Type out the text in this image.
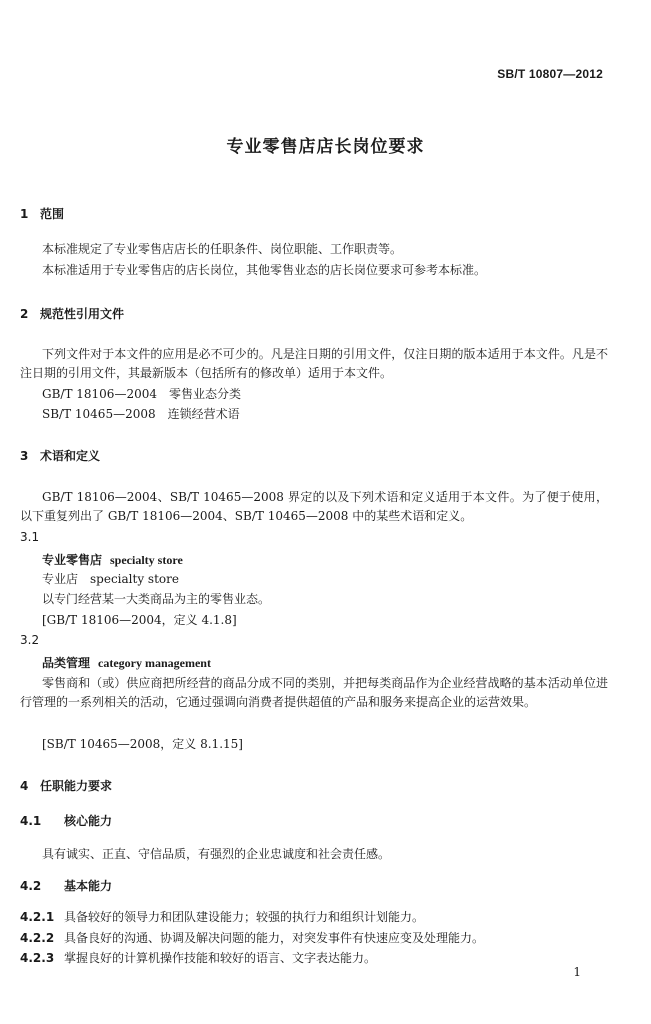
SB/T 10807—2012
专业零售店店长岗位要求
1 范围
本标准规定了专业零售店店长的任职条件、岗位职能、工作职责等。
本标准适用于专业零售店的店长岗位，其他零售业态的店长岗位要求可参考本标准。
2 规范性引用文件
下列文件对于本文件的应用是必不可少的。凡是注日期的引用文件，仅注日期的版本适用于本文件。凡是不注日期的引用文件，其最新版本（包括所有的修改单）适用于本文件。
GB/T 18106—2004　零售业态分类
SB/T 10465—2008　连锁经营术语
3 术语和定义
GB/T 18106—2004、SB/T 10465—2008 界定的以及下列术语和定义适用于本文件。为了便于使用，以下重复列出了 GB/T 18106—2004、SB/T 10465—2008 中的某些术语和定义。
3.1
专业零售店 specialty store
专业店　specialty store
以专门经营某一大类商品为主的零售业态。
[GB/T 18106—2004，定义 4.1.8]
3.2
品类管理 category management
零售商和（或）供应商把所经营的商品分成不同的类别，并把每类商品作为企业经营战略的基本活动单位进行管理的一系列相关的活动，它通过强调向消费者提供超值的产品和服务来提高企业的运营效果。
[SB/T 10465—2008，定义 8.1.15]
4 任职能力要求
4.1 核心能力
具有诚实、正直、守信品质，有强烈的企业忠诚度和社会责任感。
4.2 基本能力
4.2.1 具备较好的领导力和团队建设能力；较强的执行力和组织计划能力。
4.2.2 具备良好的沟通、协调及解决问题的能力，对突发事件有快速应变及处理能力。
4.2.3 掌握良好的计算机操作技能和较好的语言、文字表达能力。
1
